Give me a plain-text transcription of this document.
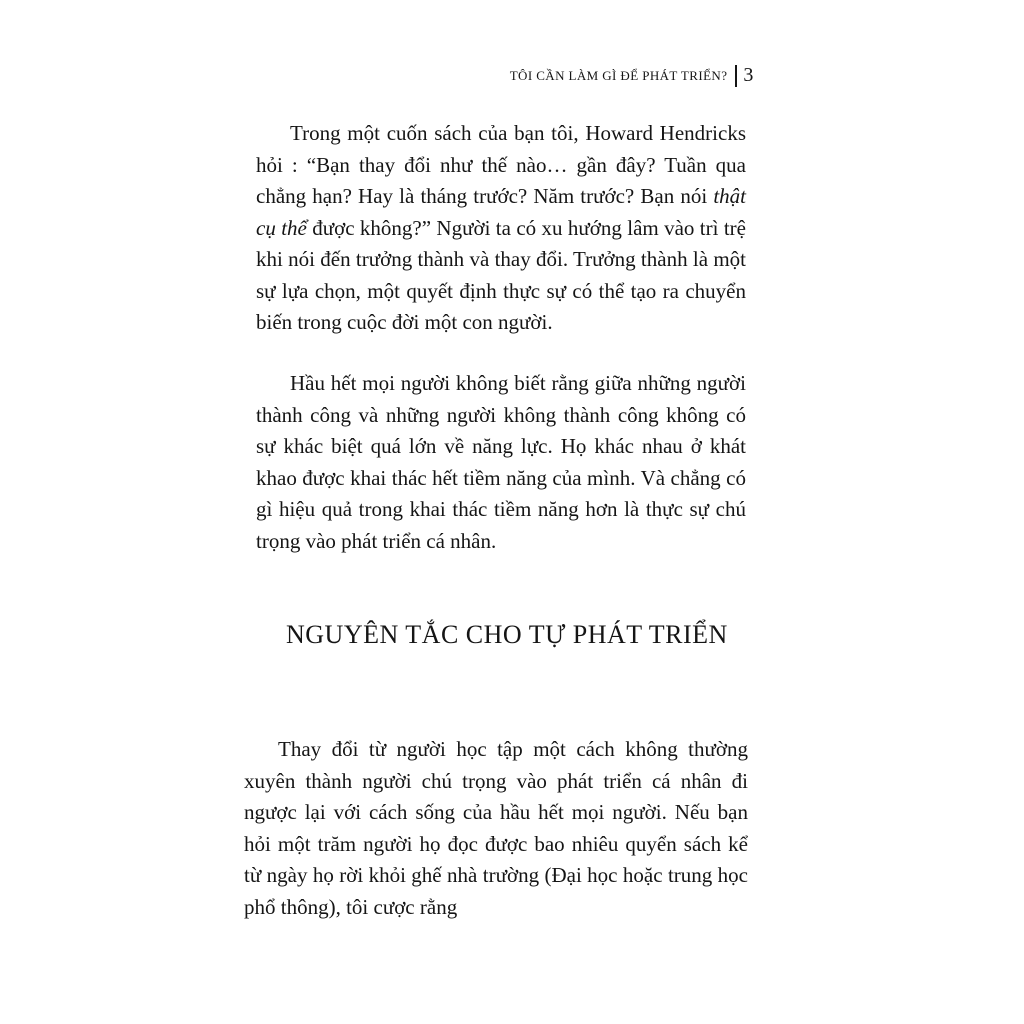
TÔI CẦN LÀM GÌ ĐỂ PHÁT TRIỂN? 3

Trong một cuốn sách của bạn tôi, Howard Hendricks hỏi : “Bạn thay đổi như thế nào… gần đây? Tuần qua chẳng hạn? Hay là tháng trước? Năm trước? Bạn nói thật cụ thể được không?” Người ta có xu hướng lâm vào trì trệ khi nói đến trưởng thành và thay đổi. Trưởng thành là một sự lựa chọn, một quyết định thực sự có thể tạo ra chuyển biến trong cuộc đời một con người.

Hầu hết mọi người không biết rằng giữa những người thành công và những người không thành công không có sự khác biệt quá lớn về năng lực. Họ khác nhau ở khát khao được khai thác hết tiềm năng của mình. Và chẳng có gì hiệu quả trong khai thác tiềm năng hơn là thực sự chú trọng vào phát triển cá nhân.

NGUYÊN TẮC CHO TỰ PHÁT TRIỂN

Thay đổi từ người học tập một cách không thường xuyên thành người chú trọng vào phát triển cá nhân đi ngược lại với cách sống của hầu hết mọi người. Nếu bạn hỏi một trăm người họ đọc được bao nhiêu quyển sách kể từ ngày họ rời khỏi ghế nhà trường (Đại học hoặc trung học phổ thông), tôi cược rằng
